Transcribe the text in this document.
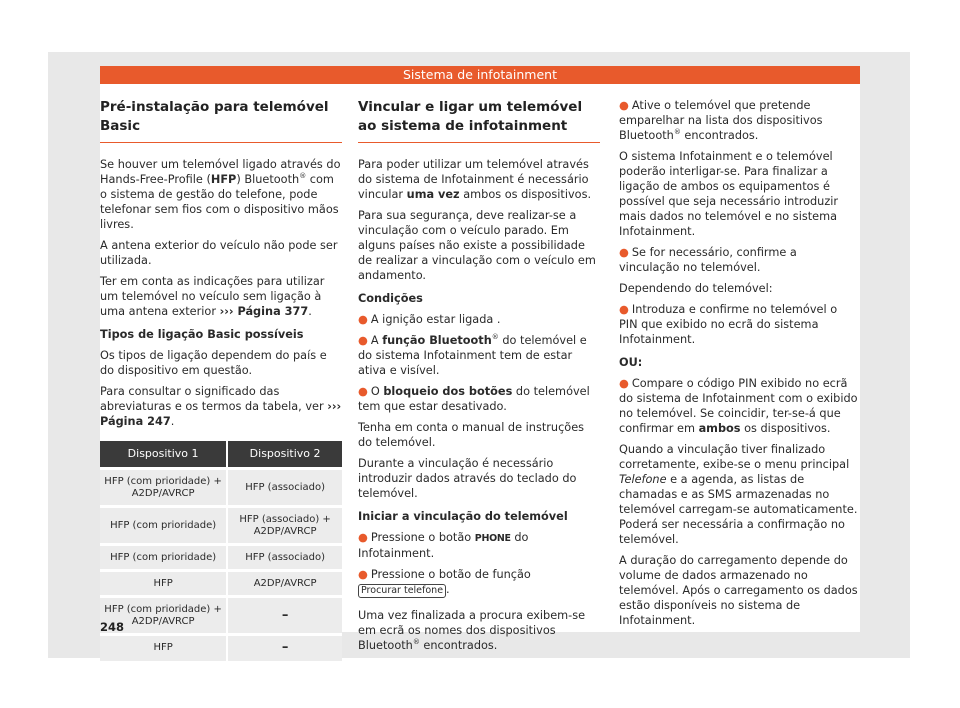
Sistema de infotainment
Pré-instalação para telemóvel Basic

Se houver um telemóvel ligado através do Hands-Free-Profile (HFP) Bluetooth® com o sistema de gestão do telefone, pode telefonar sem fios com o dispositivo mãos livres.

A antena exterior do veículo não pode ser utilizada.

Ter em conta as indicações para utilizar um telemóvel no veículo sem ligação à uma antena exterior ››› Página 377.

Tipos de ligação Basic possíveis

Os tipos de ligação dependem do país e do dispositivo em questão.

Para consultar o significado das abreviaturas e os termos da tabela, ver ››› Página 247.

Dispositivo 1	Dispositivo 2
HFP (com prioridade) + A2DP/AVRCP	HFP (associado)
HFP (com prioridade)	HFP (associado) + A2DP/AVRCP
HFP (com prioridade)	HFP (associado)
HFP	A2DP/AVRCP
HFP (com prioridade) + A2DP/AVRCP	–
HFP	–
Vincular e ligar um telemóvel ao sistema de infotainment

Para poder utilizar um telemóvel através do sistema de Infotainment é necessário vincular uma vez ambos os dispositivos.

Para sua segurança, deve realizar-se a vinculação com o veículo parado. Em alguns países não existe a possibilidade de realizar a vinculação com o veículo em andamento.

Condições

● A ignição estar ligada .

● A função Bluetooth® do telemóvel e do sistema Infotainment tem de estar ativa e visível.

● O bloqueio dos botões do telemóvel tem que estar desativado.

Tenha em conta o manual de instruções do telemóvel.

Durante a vinculação é necessário introduzir dados através do teclado do telemóvel.

Iniciar a vinculação do telemóvel

● Pressione o botão PHONE do Infotainment.

● Pressione o botão de função
Procurar telefone .

Uma vez finalizada a procura exibem-se em ecrã os nomes dos dispositivos Bluetooth® encontrados.

● Ative o telemóvel que pretende emparelhar na lista dos dispositivos Bluetooth® encontrados.

O sistema Infotainment e o telemóvel poderão interligar-se. Para finalizar a ligação de ambos os equipamentos é possível que seja necessário introduzir mais dados no telemóvel e no sistema Infotainment.

● Se for necessário, confirme a vinculação no telemóvel.

Dependendo do telemóvel:

● Introduza e confirme no telemóvel o PIN que exibido no ecrã do sistema Infotainment.

OU:

● Compare o código PIN exibido no ecrã do sistema de Infotainment com o exibido no telemóvel. Se coincidir, ter-se-á que confirmar em ambos os dispositivos.

Quando a vinculação tiver finalizado corretamente, exibe-se o menu principal Telefone e a agenda, as listas de chamadas e as SMS armazenadas no telemóvel carregam-se automaticamente. Poderá ser necessária a confirmação no telemóvel.

A duração do carregamento depende do volume de dados armazenado no telemóvel. Após o carregamento os dados estão disponíveis no sistema de Infotainment.

248
